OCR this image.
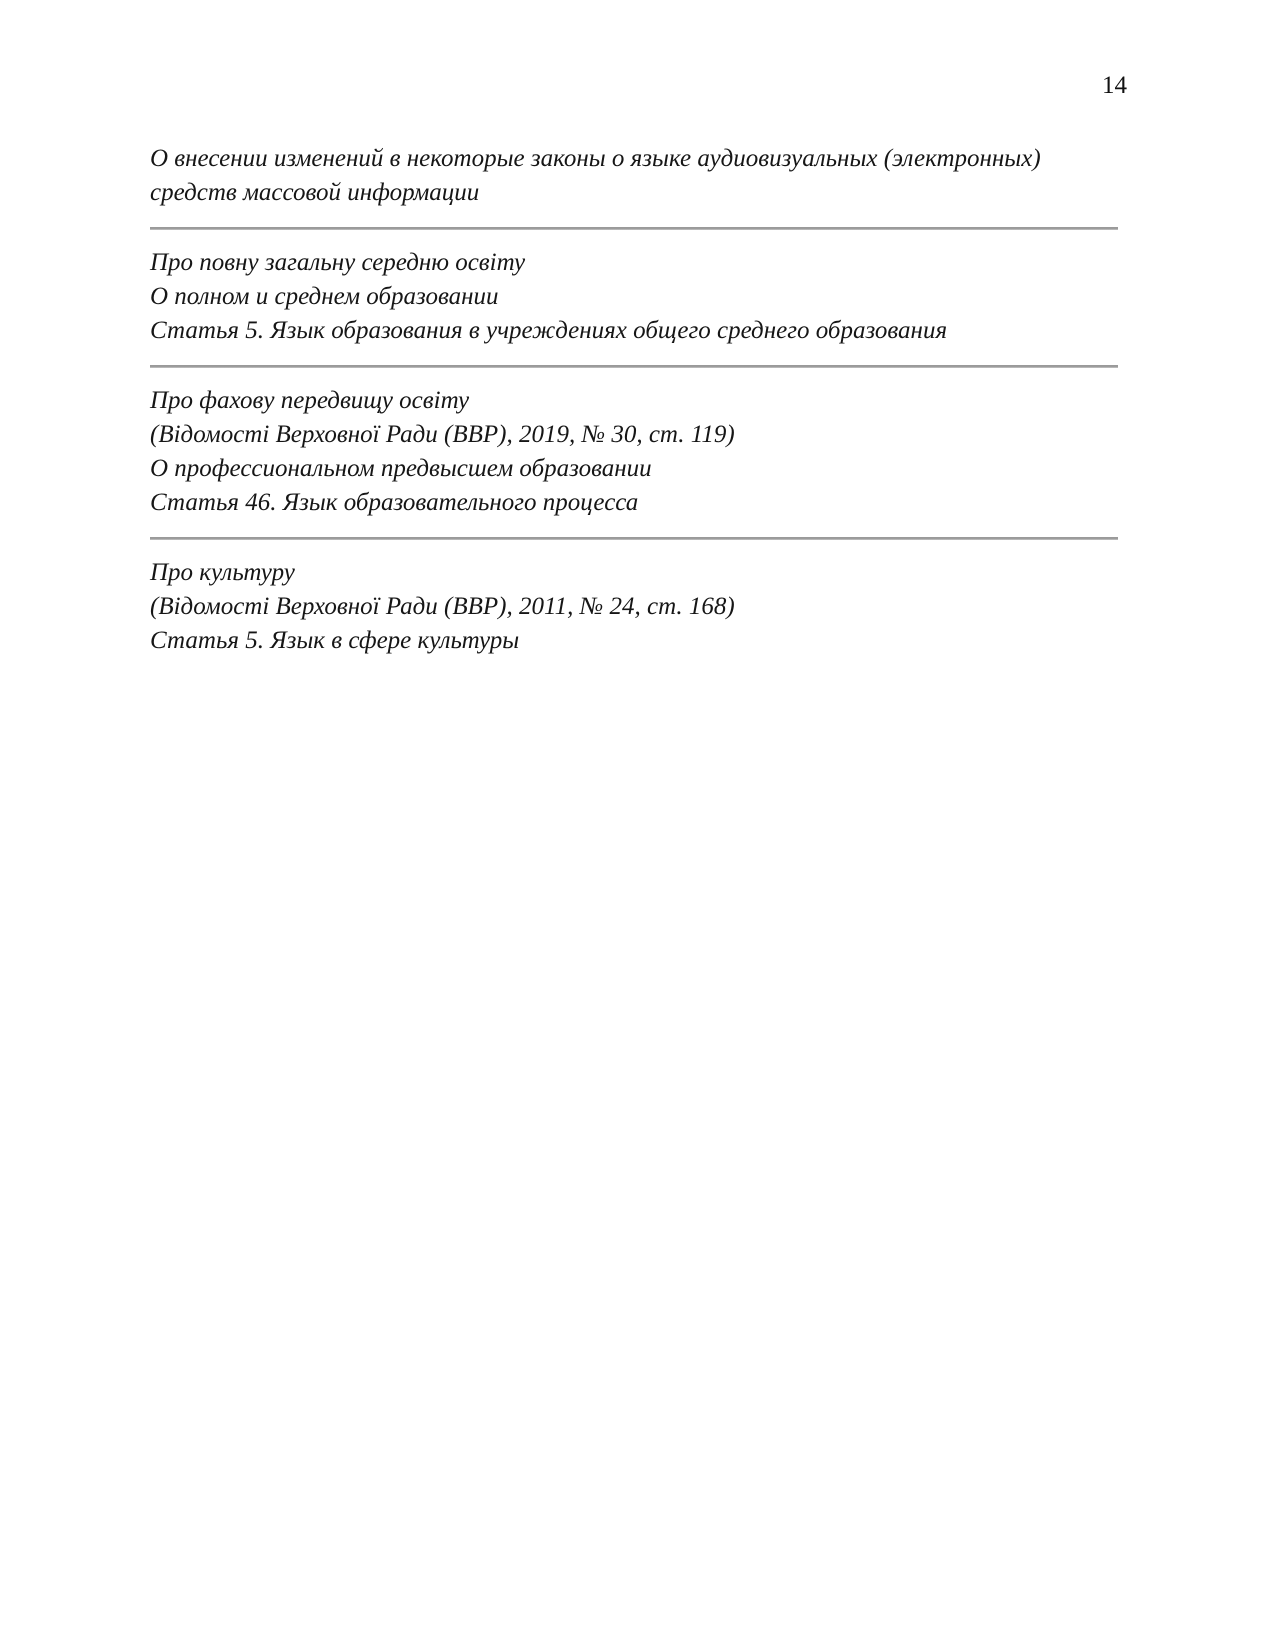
14

О внесении изменений в некоторые законы о языке аудиовизуальных (электронных)

средств массовой информации

Про повну загальну середню освіту

О полном и среднем образовании

Статья 5. Язык образования в учреждениях общего среднего образования

Про фахову передвищу освіту

(Відомості Верховної Ради (ВВР), 2019, № 30, ст. 119)

О профессиональном предвысшем образовании

Статья 46. Язык образовательного процесса

Про культуру

(Відомості Верховної Ради (ВВР), 2011, № 24, ст. 168)

Статья 5. Язык в сфере культуры
